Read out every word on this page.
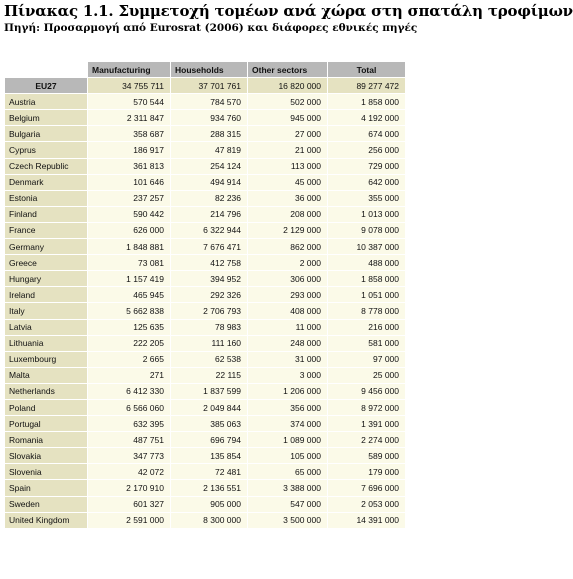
Πίνακας 1.1. Συμμετοχή τομέων ανά χώρα στη σπατάλη τροφίμων
Πηγή: Προσαρμογή από Eurosrat (2006) και διάφορες εθνικές πηγές
	Manufacturing	Households	Other sectors	Total
EU27	34 755 711	37 701 761	16 820 000	89 277 472
Austria	570 544	784 570	502 000	1 858 000
Belgium	2 311 847	934 760	945 000	4 192 000
Bulgaria	358 687	288 315	27 000	674 000
Cyprus	186 917	47 819	21 000	256 000
Czech Republic	361 813	254 124	113 000	729 000
Denmark	101 646	494 914	45 000	642 000
Estonia	237 257	82 236	36 000	355 000
Finland	590 442	214 796	208 000	1 013 000
France	626 000	6 322 944	2 129 000	9 078 000
Germany	1 848 881	7 676 471	862 000	10 387 000
Greece	73 081	412 758	2 000	488 000
Hungary	1 157 419	394 952	306 000	1 858 000
Ireland	465 945	292 326	293 000	1 051 000
Italy	5 662 838	2 706 793	408 000	8 778 000
Latvia	125 635	78 983	11 000	216 000
Lithuania	222 205	111 160	248 000	581 000
Luxembourg	2 665	62 538	31 000	97 000
Malta	271	22 115	3 000	25 000
Netherlands	6 412 330	1 837 599	1 206 000	9 456 000
Poland	6 566 060	2 049 844	356 000	8 972 000
Portugal	632 395	385 063	374 000	1 391 000
Romania	487 751	696 794	1 089 000	2 274 000
Slovakia	347 773	135 854	105 000	589 000
Slovenia	42 072	72 481	65 000	179 000
Spain	2 170 910	2 136 551	3 388 000	7 696 000
Sweden	601 327	905 000	547 000	2 053 000
United Kingdom	2 591 000	8 300 000	3 500 000	14 391 000
